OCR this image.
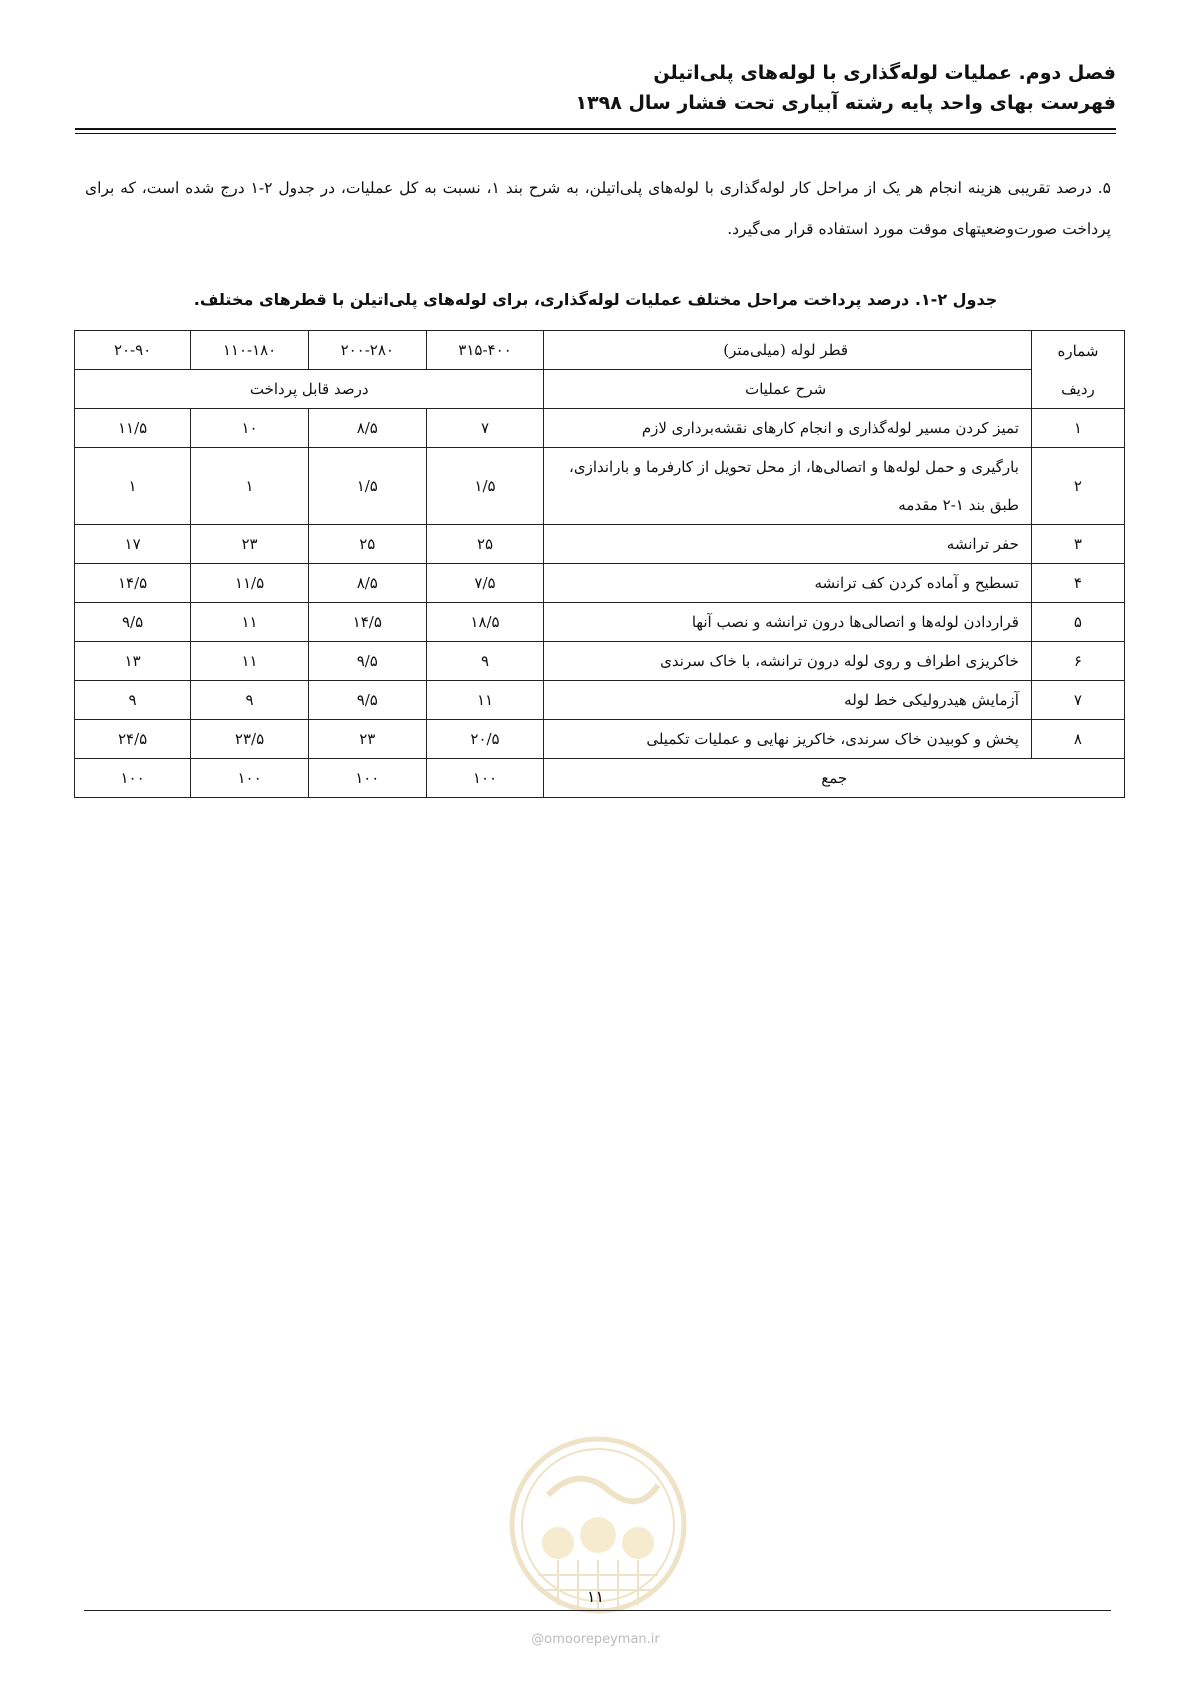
فصل دوم. عملیات لوله‌گذاری با لوله‌های پلی‌اتیلن
فهرست بهای واحد پایه رشته آبیاری تحت فشار سال ۱۳۹۸
۵. درصد تقریبی هزینه انجام هر یک از مراحل کار لوله‌گذاری با لوله‌های پلی‌اتیلن، به شرح بند ۱، نسبت به کل عملیات، در جدول ۲-۱ درج شده است، که برای پرداخت صورت‌وضعیتهای موقت مورد استفاده قرار می‌گیرد.
جدول ۲-۱. درصد پرداخت مراحل مختلف عملیات لوله‌گذاری، برای لوله‌های پلی‌اتیلن با قطرهای مختلف.
شماره
ردیف	قطر لوله (میلی‌متر)	۳۱۵-۴۰۰	۲۰۰-۲۸۰	۱۱۰-۱۸۰	۲۰-۹۰
	شرح عملیات	درصد قابل پرداخت			
۱	تمیز کردن مسیر لوله‌گذاری و انجام کارهای نقشه‌برداری لازم	۷	۸/۵	۱۰	۱۱/۵
۲	بارگیری و حمل لوله‌ها و اتصالی‌ها، از محل تحویل از کارفرما و باراندازی، طبق بند ۱-۲ مقدمه	۱/۵	۱/۵	۱	۱
۳	حفر ترانشه	۲۵	۲۵	۲۳	۱۷
۴	تسطیح و آماده کردن کف ترانشه	۷/۵	۸/۵	۱۱/۵	۱۴/۵
۵	قراردادن لوله‌ها و اتصالی‌ها درون ترانشه و نصب آنها	۱۸/۵	۱۴/۵	۱۱	۹/۵
۶	خاکریزی اطراف و روی لوله درون ترانشه، با خاک سرندی	۹	۹/۵	۱۱	۱۳
۷	آزمایش هیدرولیکی خط لوله	۱۱	۹/۵	۹	۹
۸	پخش و کوبیدن خاک سرندی، خاکریز نهایی و عملیات تکمیلی	۲۰/۵	۲۳	۲۳/۵	۲۴/۵
جمع		۱۰۰	۱۰۰	۱۰۰	۱۰۰
۱۱
@omoorepeyman.ir
